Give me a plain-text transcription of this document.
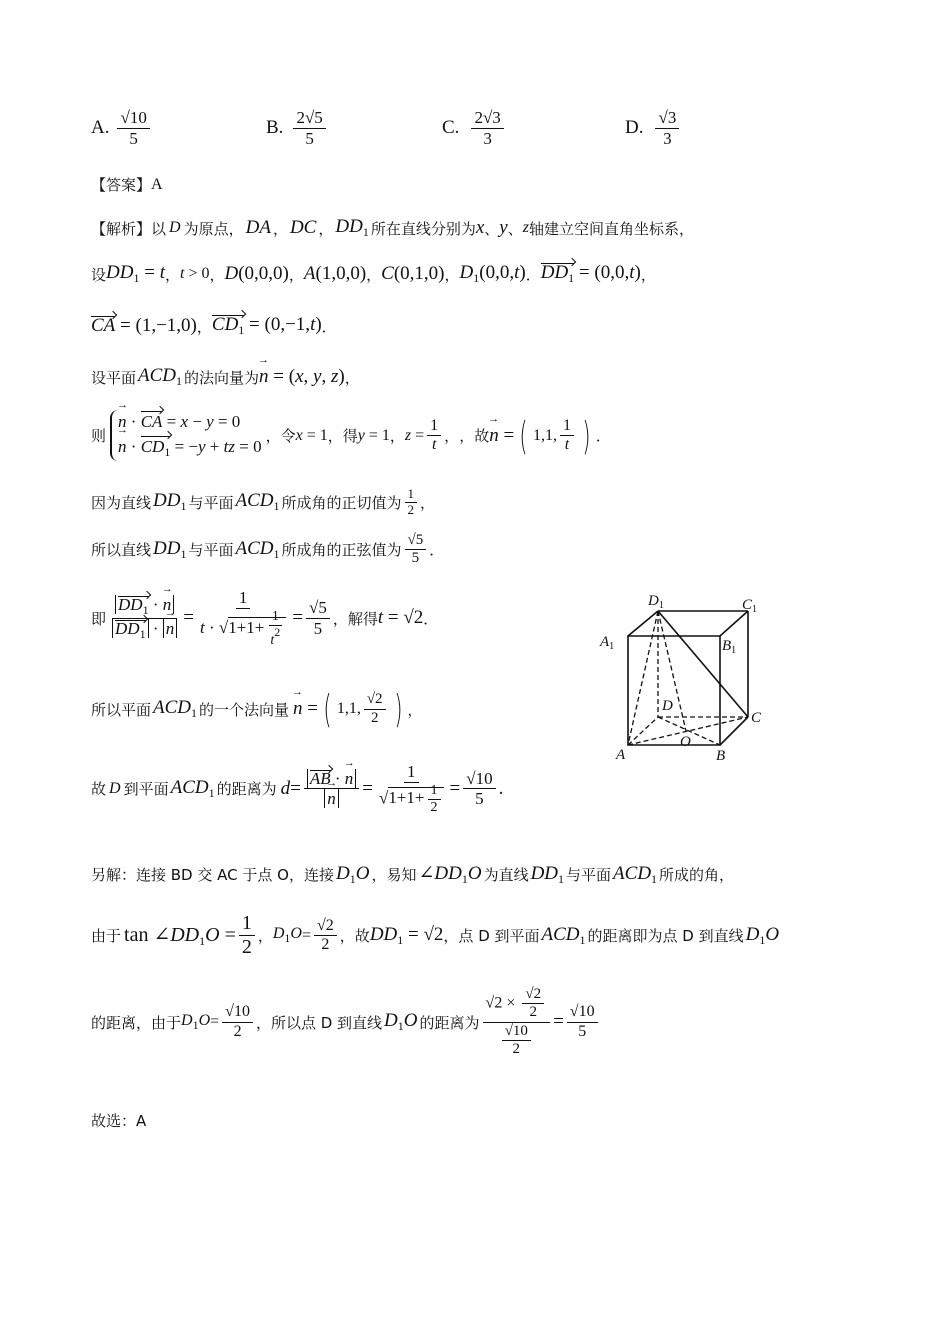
A. $\frac{√10}{5}$	B. $\frac{2√5}{5}$	C. $\frac{2√3}{3}$	D. $\frac{√3}{3}$
【答案】 A
【解析】 以 D 为原点， DA ， DC ， $DD_1$ 所在直线分别为 x 、 y 、 z 轴建立空间直角坐标系，
设 $DD_1 = t$ ， t > 0 ， D(0,0,0) ， A(1,0,0) ， C(0,1,0) ， $D_1(0,0,t)$ ． $DD_1 = (0,0,t)$ ，
CA = (1,−1,0) ， $CD_1 = (0,-1,t)$ ．
设平面 $ACD_1$ 的法向量为 → n = (x, y, z) ，
则
→ n · CA = x − y = 0
→ $n \cdot CD_1 = -y$ + tz = 0
，令 x = 1 ，得 y = 1 ， $z = \frac{1}{t}$ ， ，故 → n = ( 1,1, $\frac{1}{t}$ ) ．
因为直线 $DD_1$ 与平面 $ACD_1$ 所成角的正切值为 $\frac{1}{2}$ ，
所以直线 $DD_1$ 与平面 $ACD_1$ 所成角的正弦值为 $\frac{√5}{5}$ ．
即 $\frac{DD_1 \cdot \to n}{DD_1 \cdot \to n} = \frac{1}{t \cdot √1+1+ \frac{1}{t2}} = \frac{√5}{5}$ ，解得 t = √2 ．
所以平面 $ACD_1$ 的一个法向量 → n = ( 1,1, $\frac{√2}{2}$ ) ，
故 D 到平面 $ACD_1$ 的距离为 d = AB · → n
→ $n = \frac{1}{√1+1+ \frac{1}{2}} = \frac{√10}{5}$ .
另解：连接 BD 交 AC 于点 O，连接 $D_1O$ ，易知 $\angle DD_1O$ 为直线 $DD_1$ 与平面 $ACD_1$ 所成的角，
由于 $\tan \angle DD_1O = \frac{1}{2}$ ， $D_1O = \frac{√2}{2}$ ，故 $DD_1 = √2$ ，点 D 到平面 $ACD_1$ 的距离即为点 D 到直线 $D_1O$
的距离，由于 $D_1O = \frac{√10}{2}$ ，所以点 D 到直线 $D_1O$ 的距离为 $\frac{√2 \times \frac{√2}{2}}{\frac{√10}{2}} = \frac{√10}{5}$
故选：A
$D_1$	$C_1$
$A_1$	$B_1$
D
C
A	B
O
